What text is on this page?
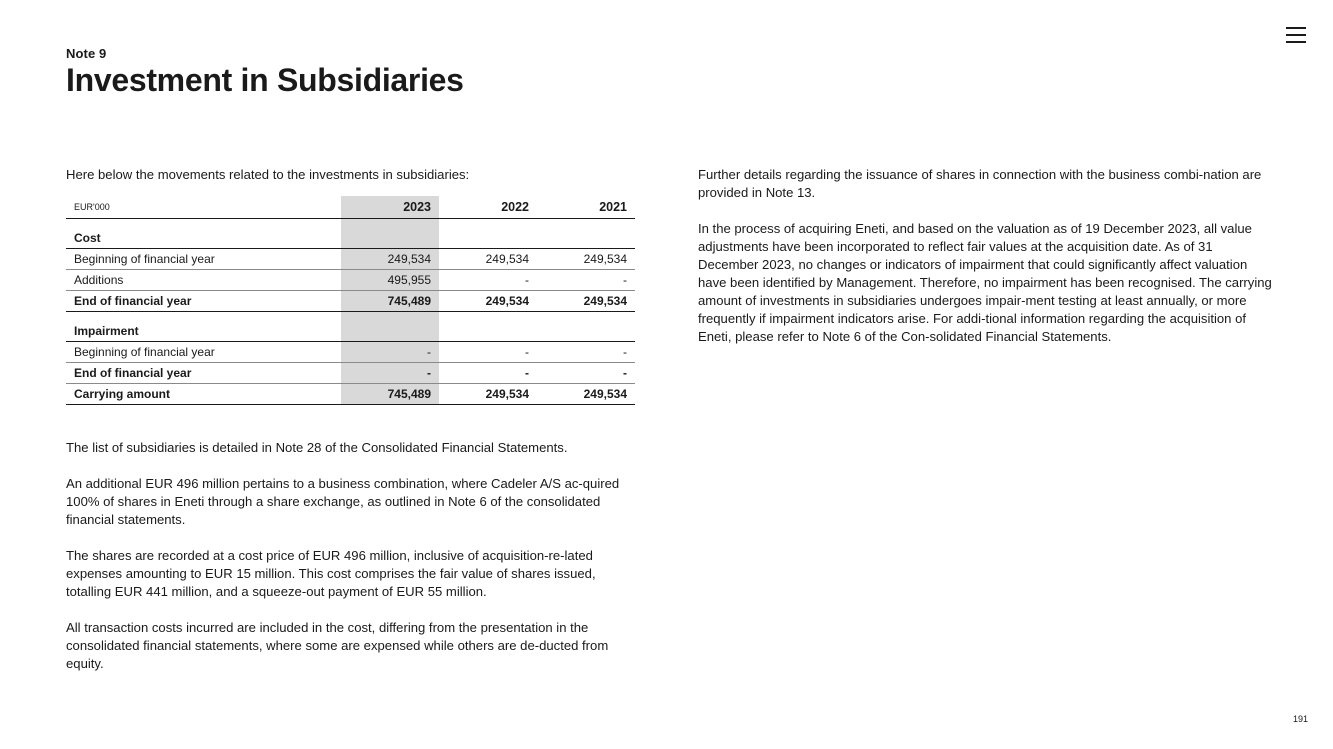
Note 9
Investment in Subsidiaries

Here below the movements related to the investments in subsidiaries:

EUR'000	2023	2022	2021

Cost			
Beginning of financial year	249,534	249,534	249,534
Additions	495,955	-	-
End of financial year	745,489	249,534	249,534

Impairment			
Beginning of financial year	-	-	-
End of financial year	-	-	-
Carrying amount	745,489	249,534	249,534

The list of subsidiaries is detailed in Note 28 of the Consolidated Financial Statements.

An additional EUR 496 million pertains to a business combination, where Cadeler A/S ac-quired 100% of shares in Eneti through a share exchange, as outlined in Note 6 of the consolidated financial statements.

The shares are recorded at a cost price of EUR 496 million, inclusive of acquisition-re-lated expenses amounting to EUR 15 million. This cost comprises the fair value of shares issued, totalling EUR 441 million, and a squeeze-out payment of EUR 55 million.

All transaction costs incurred are included in the cost, differing from the presentation in the consolidated financial statements, where some are expensed while others are de-ducted from equity.

Further details regarding the issuance of shares in connection with the business combi-nation are provided in Note 13.

In the process of acquiring Eneti, and based on the valuation as of 19 December 2023, all value adjustments have been incorporated to reflect fair values at the acquisition date. As of 31 December 2023, no changes or indicators of impairment that could significantly affect valuation have been identified by Management. Therefore, no impairment has been recognised. The carrying amount of investments in subsidiaries undergoes impair-ment testing at least annually, or more frequently if impairment indicators arise. For addi-tional information regarding the acquisition of Eneti, please refer to Note 6 of the Con-solidated Financial Statements.

191
